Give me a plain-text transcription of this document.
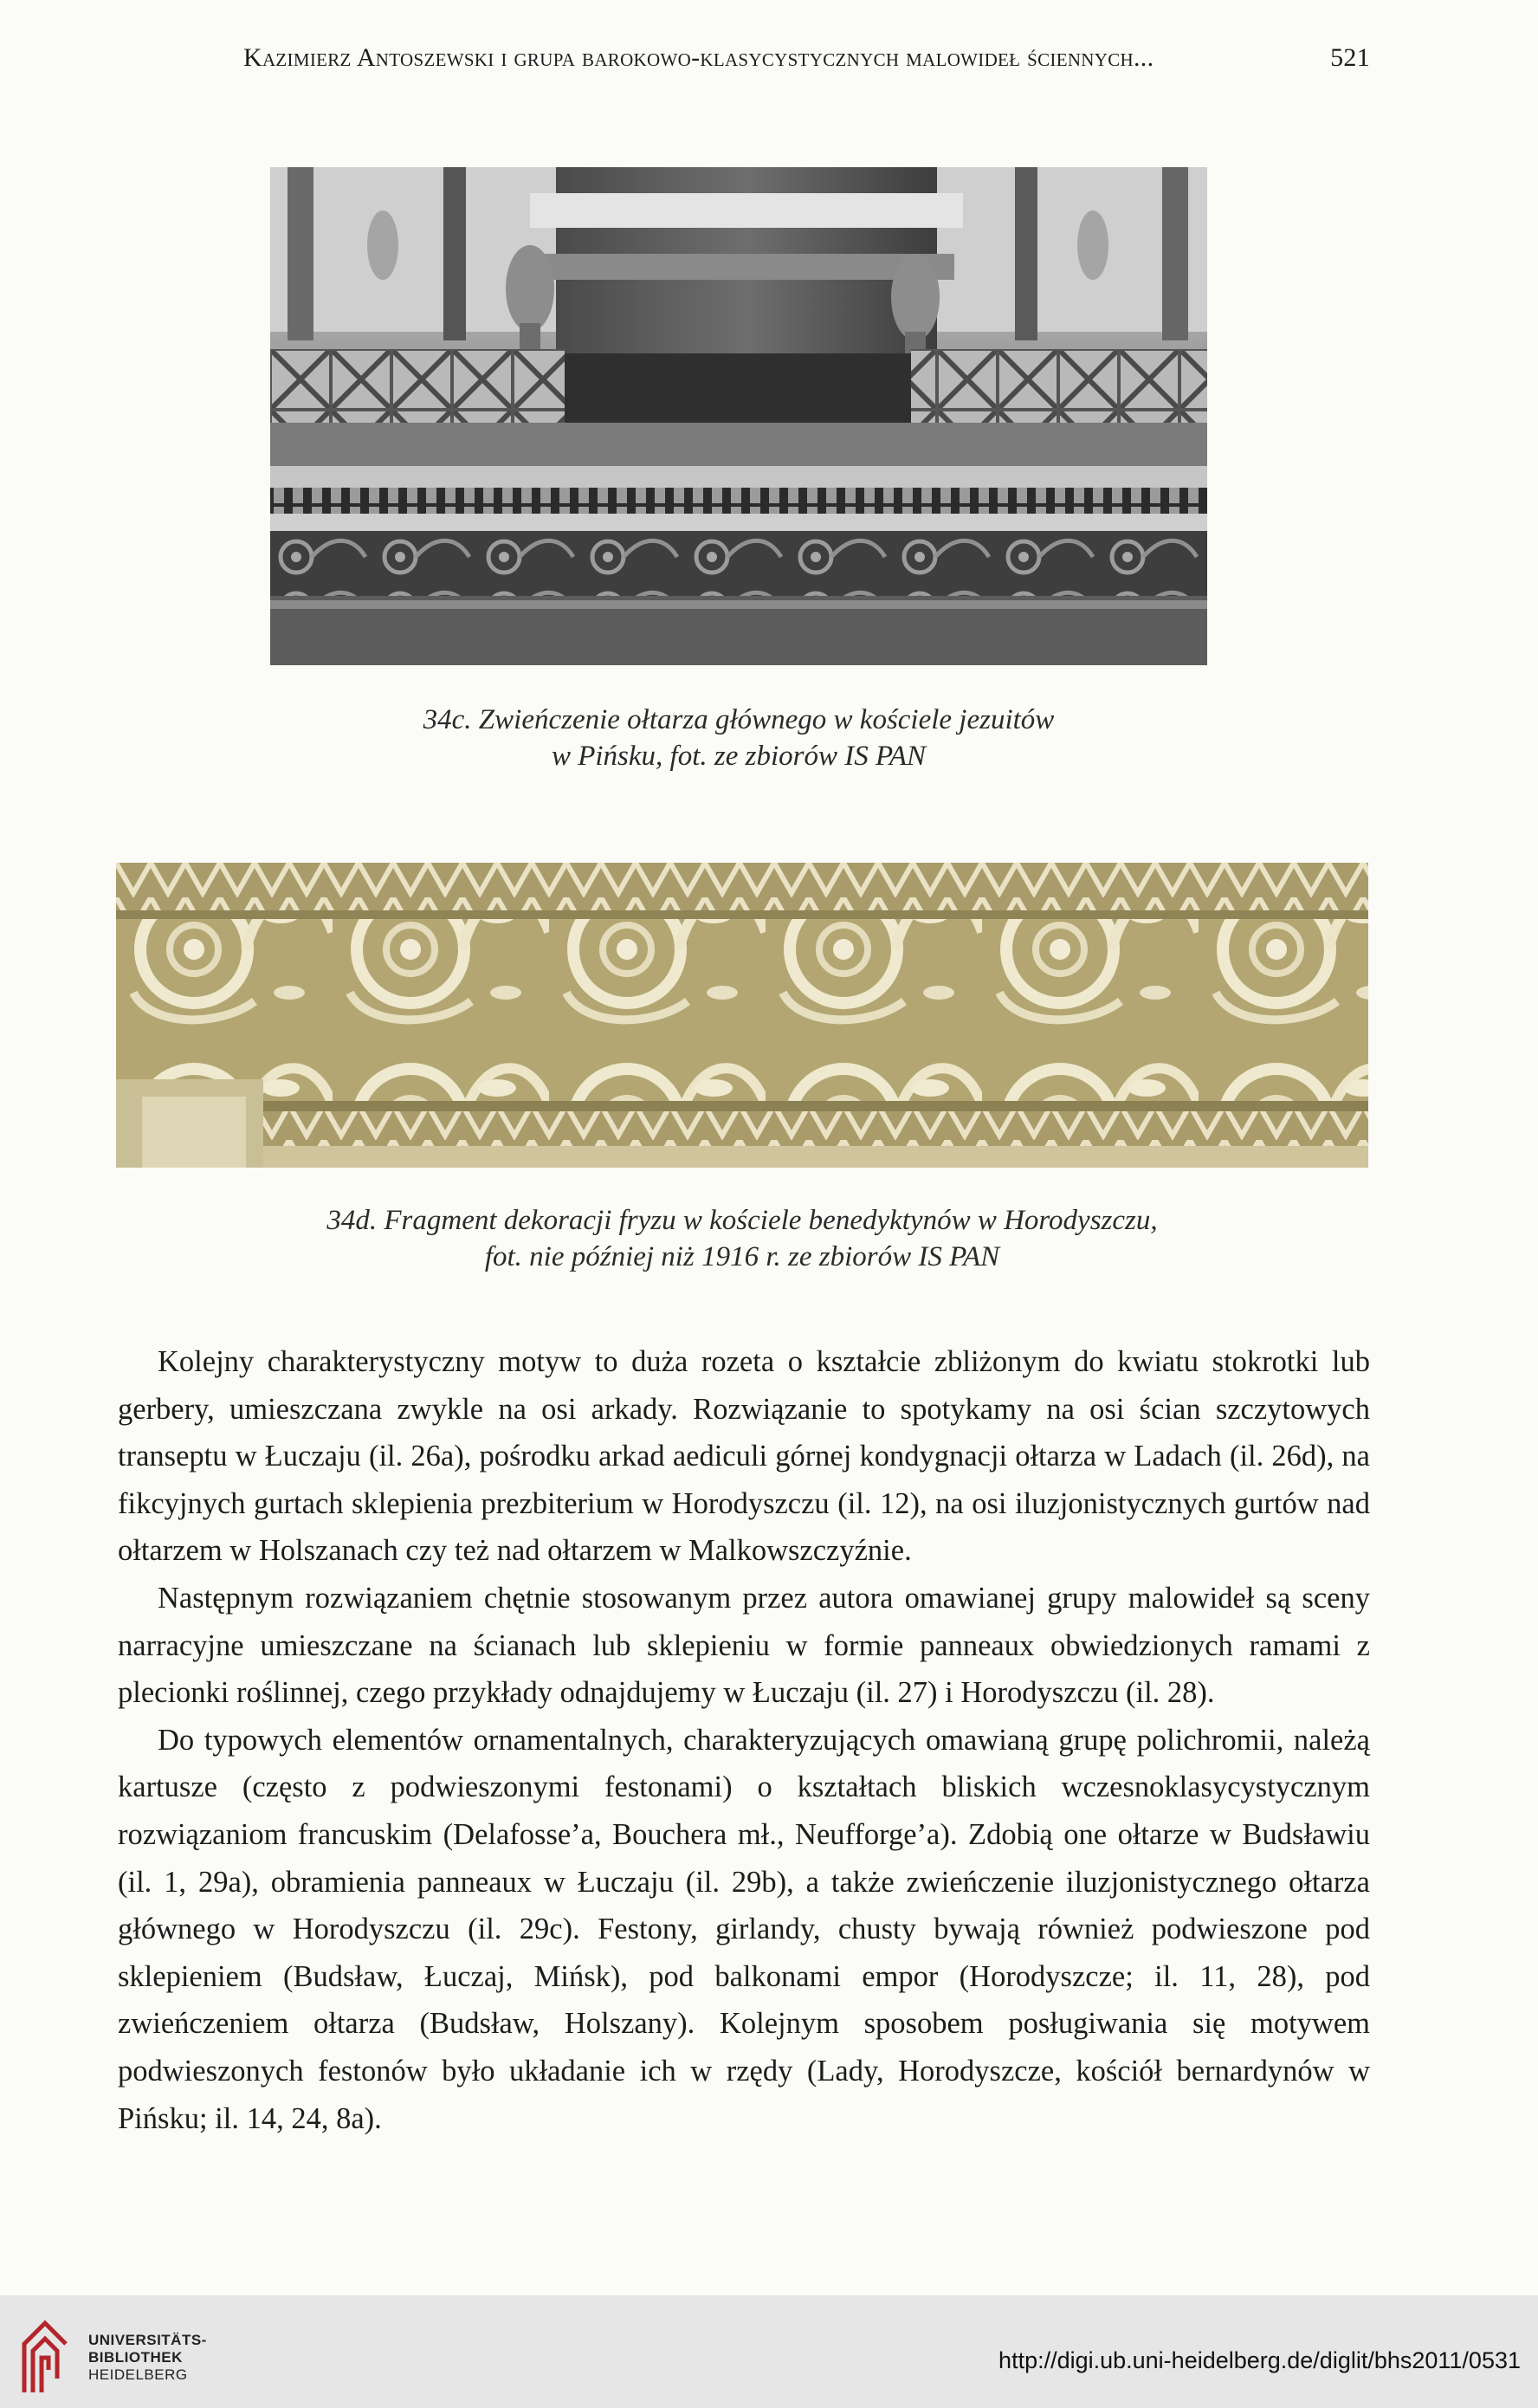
Kazimierz Antoszewski i grupa barokowo-klasycystycznych malowideł ściennych...	521
34c. Zwieńczenie ołtarza głównego w kościele jezuitów
w Pińsku, fot. ze zbiorów IS PAN
34d. Fragment dekoracji fryzu w kościele benedyktynów w Horodyszczu,
fot. nie później niż 1916 r. ze zbiorów IS PAN

Kolejny charakterystyczny motyw to duża rozeta o kształcie zbliżonym do kwiatu stokrotki lub gerbery, umieszczana zwykle na osi arkady. Rozwiązanie to spotykamy na osi ścian szczytowych transeptu w Łuczaju (il. 26a), pośrodku arkad aediculi górnej kondygnacji ołtarza w Ladach (il. 26d), na fikcyjnych gurtach sklepienia prezbiterium w Horodyszczu (il. 12), na osi iluzjonistycznych gurtów nad ołtarzem w Holszanach czy też nad ołtarzem w Malkowszczyźnie.

Następnym rozwiązaniem chętnie stosowanym przez autora omawianej grupy malowideł są sceny narracyjne umieszczane na ścianach lub sklepieniu w formie panneaux obwiedzionych ramami z plecionki roślinnej, czego przykłady odnajdujemy w Łuczaju (il. 27) i Horodyszczu (il. 28).

Do typowych elementów ornamentalnych, charakteryzujących omawianą grupę polichromii, należą kartusze (często z podwieszonymi festonami) o kształtach bliskich wczesnoklasycystycznym rozwiązaniom francuskim (Delafosse’a, Bouchera mł., Neufforge’a). Zdobią one ołtarze w Budsławiu (il. 1, 29a), obramienia panneaux w Łuczaju (il. 29b), a także zwieńczenie iluzjonistycznego ołtarza głównego w Horodyszczu (il. 29c). Festony, girlandy, chusty bywają również podwieszone pod sklepieniem (Budsław, Łuczaj, Mińsk), pod balkonami empor (Horodyszcze; il. 11, 28), pod zwieńczeniem ołtarza (Budsław, Holszany). Kolejnym sposobem posługiwania się motywem podwieszonych festonów było układanie ich w rzędy (Lady, Horodyszcze, kościół bernardynów w Pińsku; il. 14, 24, 8a).

UNIVERSITÄTS-
BIBLIOTHEK
HEIDELBERG
http://digi.ub.uni-heidelberg.de/diglit/bhs2011/0531
